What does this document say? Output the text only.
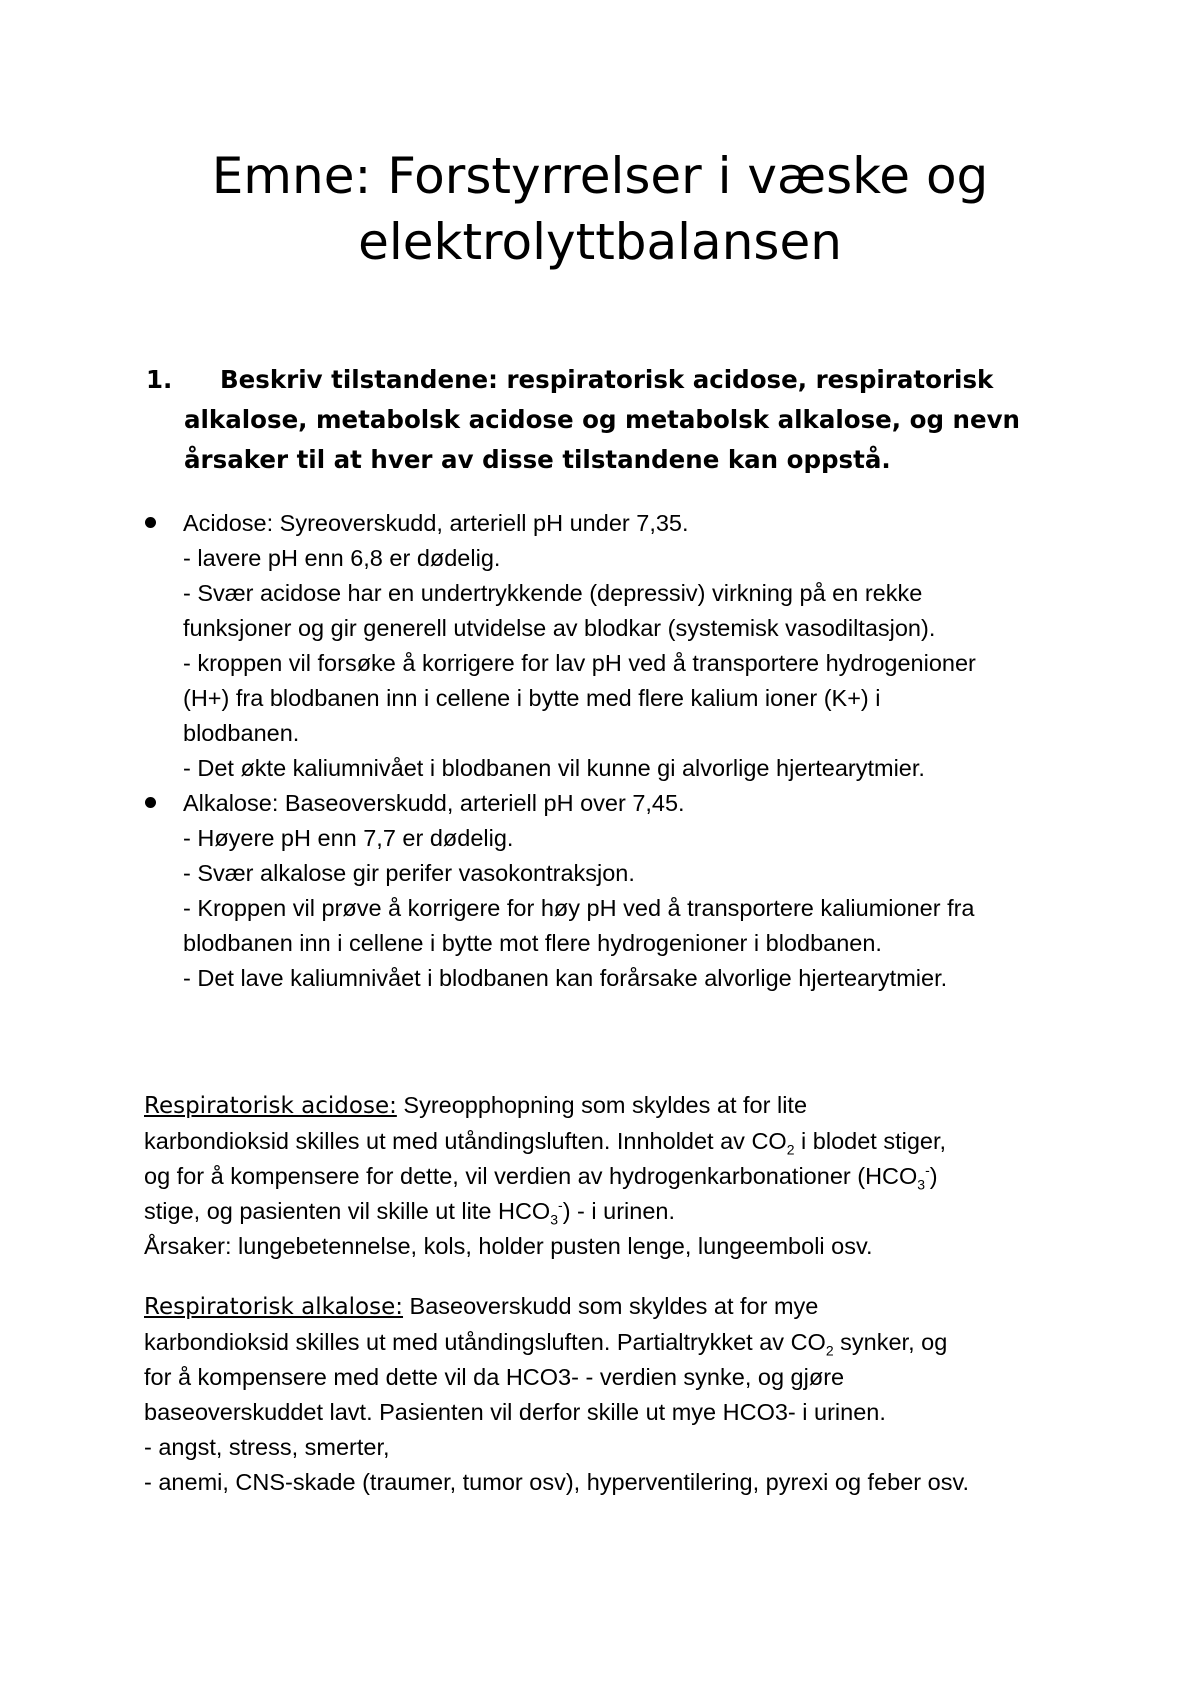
Emne: Forstyrrelser i væske og
elektrolyttbalansen
1.	Beskriv tilstandene: respiratorisk acidose, respiratorisk
alkalose, metabolsk acidose og metabolsk alkalose, og nevn
årsaker til at hver av disse tilstandene kan oppstå.
Acidose: Syreoverskudd, arteriell pH under 7,35.
- lavere pH enn 6,8 er dødelig.
- Svær acidose har en undertrykkende (depressiv) virkning på en rekke
funksjoner og gir generell utvidelse av blodkar (systemisk vasodiltasjon).
- kroppen vil forsøke å korrigere for lav pH ved å transportere hydrogenioner
(H+) fra blodbanen inn i cellene i bytte med flere kalium ioner (K+) i
blodbanen.
- Det økte kaliumnivået i blodbanen vil kunne gi alvorlige hjertearytmier.
Alkalose: Baseoverskudd, arteriell pH over 7,45.
- Høyere pH enn 7,7 er dødelig.
- Svær alkalose gir perifer vasokontraksjon.
- Kroppen vil prøve å korrigere for høy pH ved å transportere kaliumioner fra
blodbanen inn i cellene i bytte mot flere hydrogenioner i blodbanen.
- Det lave kaliumnivået i blodbanen kan forårsake alvorlige hjertearytmier.
Respiratorisk acidose: Syreopphopning som skyldes at for lite
karbondioksid skilles ut med utåndingsluften. Innholdet av $CO_2$ i blodet stiger,
og for å kompensere for dette, vil verdien av hydrogenkarbonationer $(HCO_3^-)$
stige, og pasienten vil skille ut lite $HCO_3^-$) - i urinen.
Årsaker: lungebetennelse, kols, holder pusten lenge, lungeemboli osv.
Respiratorisk alkalose: Baseoverskudd som skyldes at for mye
karbondioksid skilles ut med utåndingsluften. Partialtrykket av $CO_2$ synker, og
for å kompensere med dette vil da HCO3- - verdien synke, og gjøre
baseoverskuddet lavt. Pasienten vil derfor skille ut mye HCO3- i urinen.
- angst, stress, smerter,
- anemi, CNS-skade (traumer, tumor osv), hyperventilering, pyrexi og feber osv.
